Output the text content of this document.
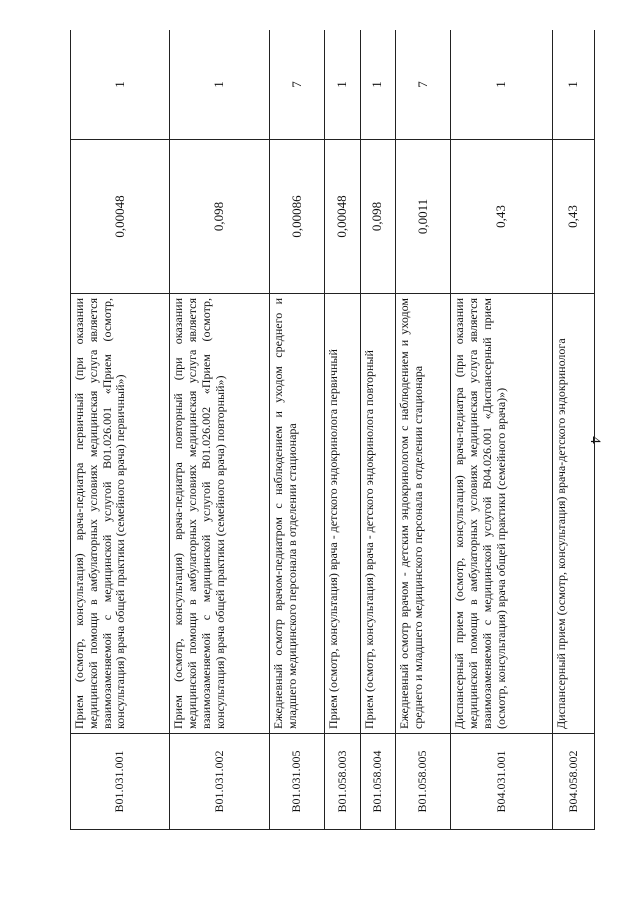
4
B01.031.001	Прием (осмотр, консультация) врача-педиатра первичный (при оказании медицинской помощи в амбулаторных условиях медицинская услуга является взаимозаменяемой с медицинской услугой B01.026.001 «Прием (осмотр, консультация) врача общей практики (семейного врача) первичный»)	0,00048	1
B01.031.002	Прием (осмотр, консультация) врача-педиатра повторный (при оказании медицинской помощи в амбулаторных условиях медицинская услуга является взаимозаменяемой с медицинской услугой B01.026.002 «Прием (осмотр, консультация) врача общей практики (семейного врача) повторный»)	0,098	1
B01.031.005	Ежедневный осмотр врачом-педиатром с наблюдением и уходом среднего и младшего медицинского персонала в отделении стационара	0,00086	7
B01.058.003	Прием (осмотр, консультация) врача - детского эндокринолога первичный	0,00048	1
B01.058.004	Прием (осмотр, консультация) врача - детского эндокринолога повторный	0,098	1
B01.058.005	Ежедневный осмотр врачом - детским эндокринологом с наблюдением и уходом среднего и младшего медицинского персонала в отделении стационара	0,0011	7
B04.031.001	Диспансерный прием (осмотр, консультация) врача-педиатра (при оказании медицинской помощи в амбулаторных условиях медицинская услуга является взаимозаменяемой с медицинской услугой B04.026.001 «Диспансерный прием (осмотр, консультация) врача общей практики (семейного врача)»)	0,43	1
B04.058.002	Диспансерный прием (осмотр, консультация) врача-детского эндокринолога	0,43	1
